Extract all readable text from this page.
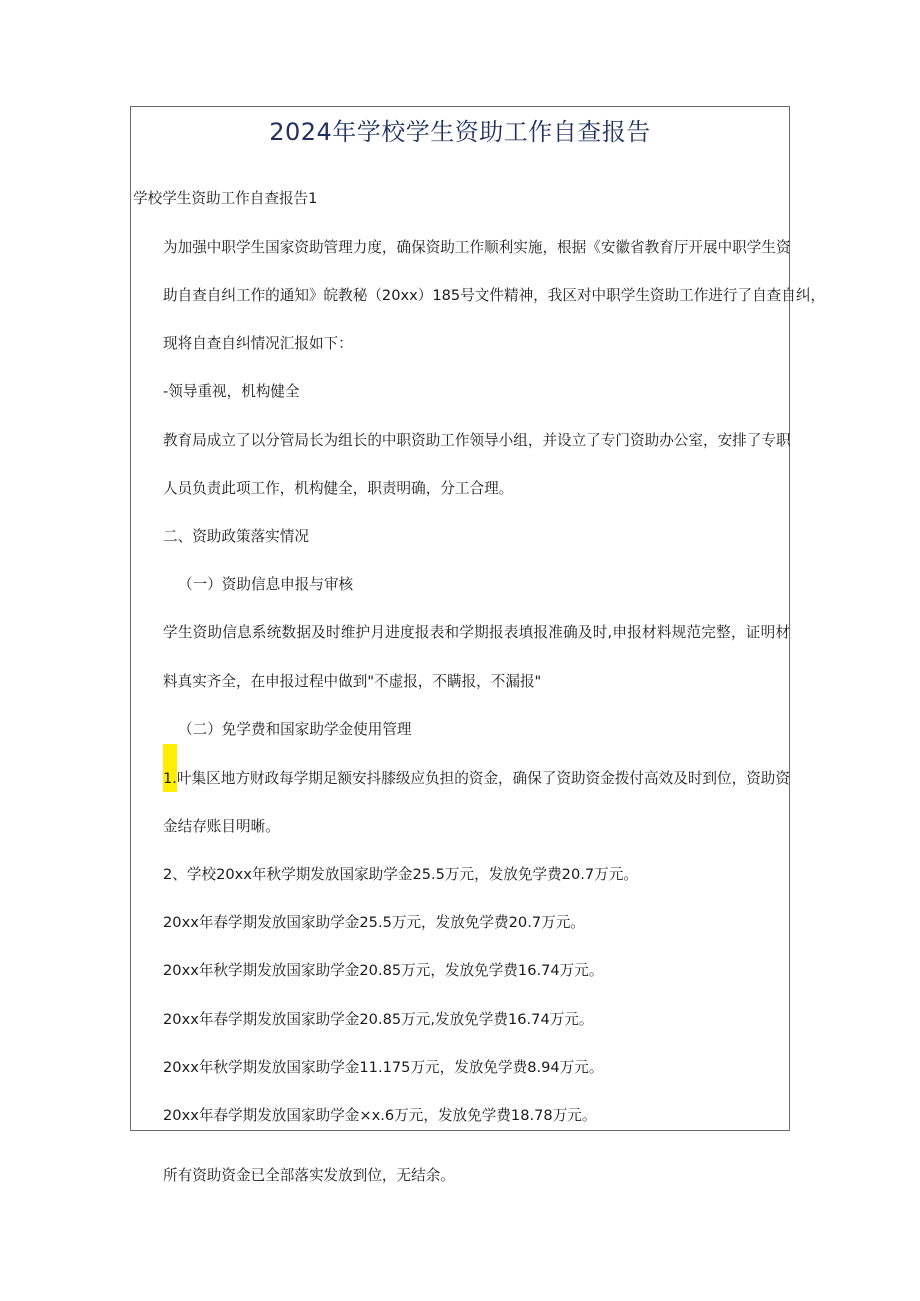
2024年学校学生资助工作自查报告
学校学生资助工作自查报告1
为加强中职学生国家资助管理力度，确保资助工作顺利实施，根据《安徽省教育厅开展中职学生资
助自查自纠工作的通知》皖教秘（20xx）185号文件精神，我区对中职学生资助工作进行了自查自纠，
现将自查自纠情况汇报如下：
-领导重视，机构健全
教育局成立了以分管局长为组长的中职资助工作领导小组，并设立了专门资助办公室，安排了专职
人员负责此项工作，机构健全，职责明确，分工合理。
二、资助政策落实情况
（一）资助信息申报与审核
学生资助信息系统数据及时维护月进度报表和学期报表填报准确及时,申报材料规范完整，证明材
料真实齐全，在申报过程中做到"不虚报，不瞒报，不漏报"
（二）免学费和国家助学金使用管理
1.叶集区地方财政每学期足额安抖膝级应负担的资金，确保了资助资金拨付高效及时到位，资助资
金结存账目明晰。
2、学校20xx年秋学期发放国家助学金25.5万元，发放免学费20.7万元。
20xx年春学期发放国家助学金25.5万元，发放免学费20.7万元。
20xx年秋学期发放国家助学金20.85万元，发放免学费16.74万元。
20xx年春学期发放国家助学金20.85万元,发放免学费16.74万元。
20xx年秋学期发放国家助学金11.175万元，发放免学费8.94万元。
20xx年春学期发放国家助学金×x.6万元，发放免学费18.78万元。
所有资助资金已全部落实发放到位，无结余。
